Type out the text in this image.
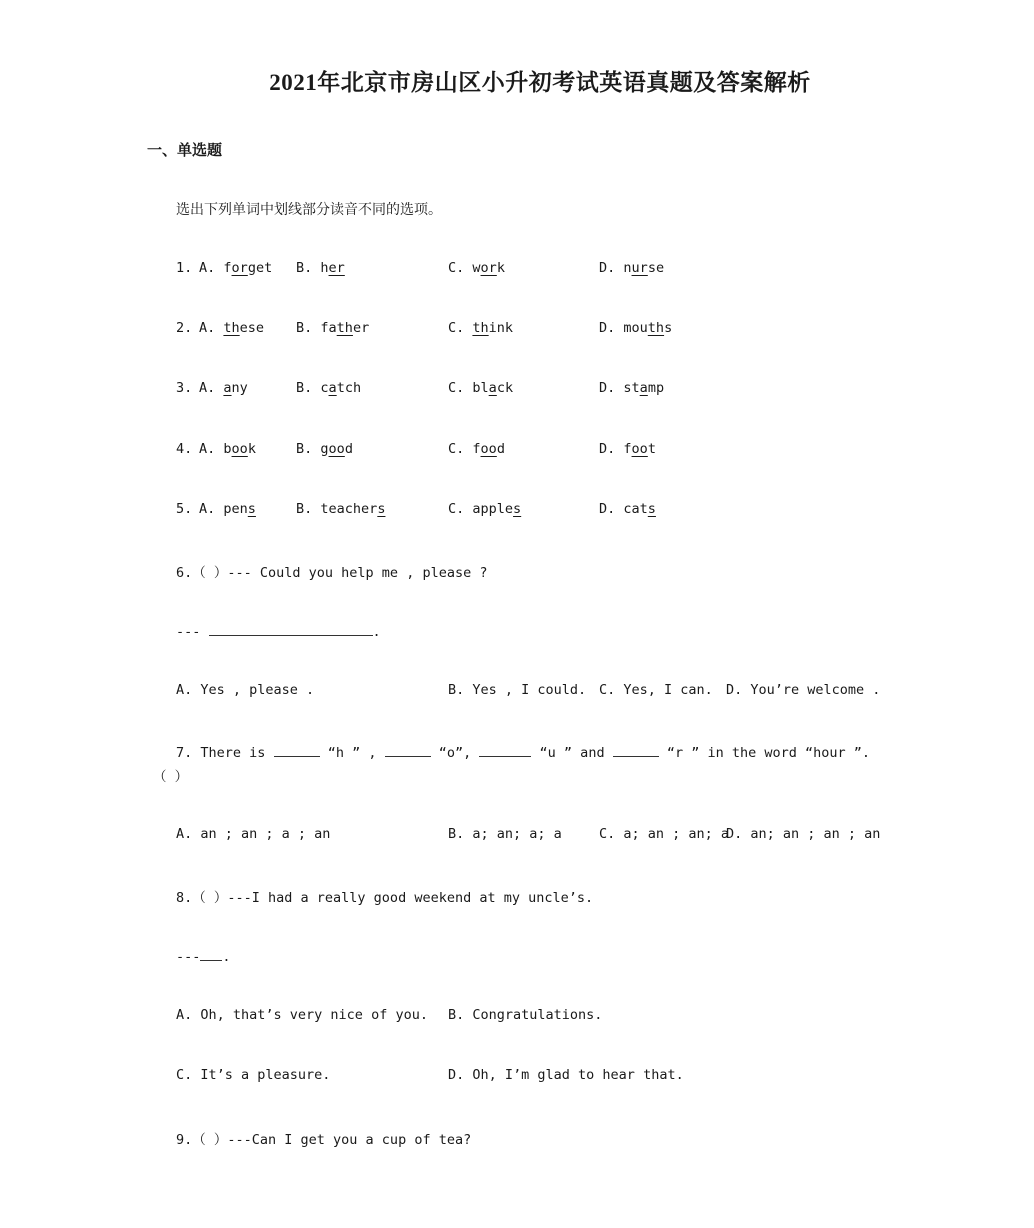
2021年北京市房山区小升初考试英语真题及答案解析
一、单选题
选出下列单词中划线部分读音不同的选项。
1. A. forget B. her	C. work	D. nurse
2. A. these B. father	C. think	D. mouths
3. A. any	B. catch	C. black	D. stamp
4. A. book	B. good	C. food	D. foot
5. A. pens	B. teachers	C. apples	D. cats
6.（ ）--- Could you help me , please ?
---	.
A. Yes , please .	B. Yes , I could. C. Yes, I can. D. You’re welcome .
7. There is	“h ” ,	“o”,	“u ” and	“r ” in the word “hour ”.
（ ）
A. an ; an ; a ; an	B. a; an; a; a	C. a; an ; an; a
D. an; an ; an ; an
8.（ ）---I had a really good weekend at my uncle’s.
--- .
A. Oh, that’s very nice of you. B. Congratulations.
C. It’s a pleasure.	D. Oh, I’m glad to hear that.
9.（ ）---Can I get you a cup of tea?
